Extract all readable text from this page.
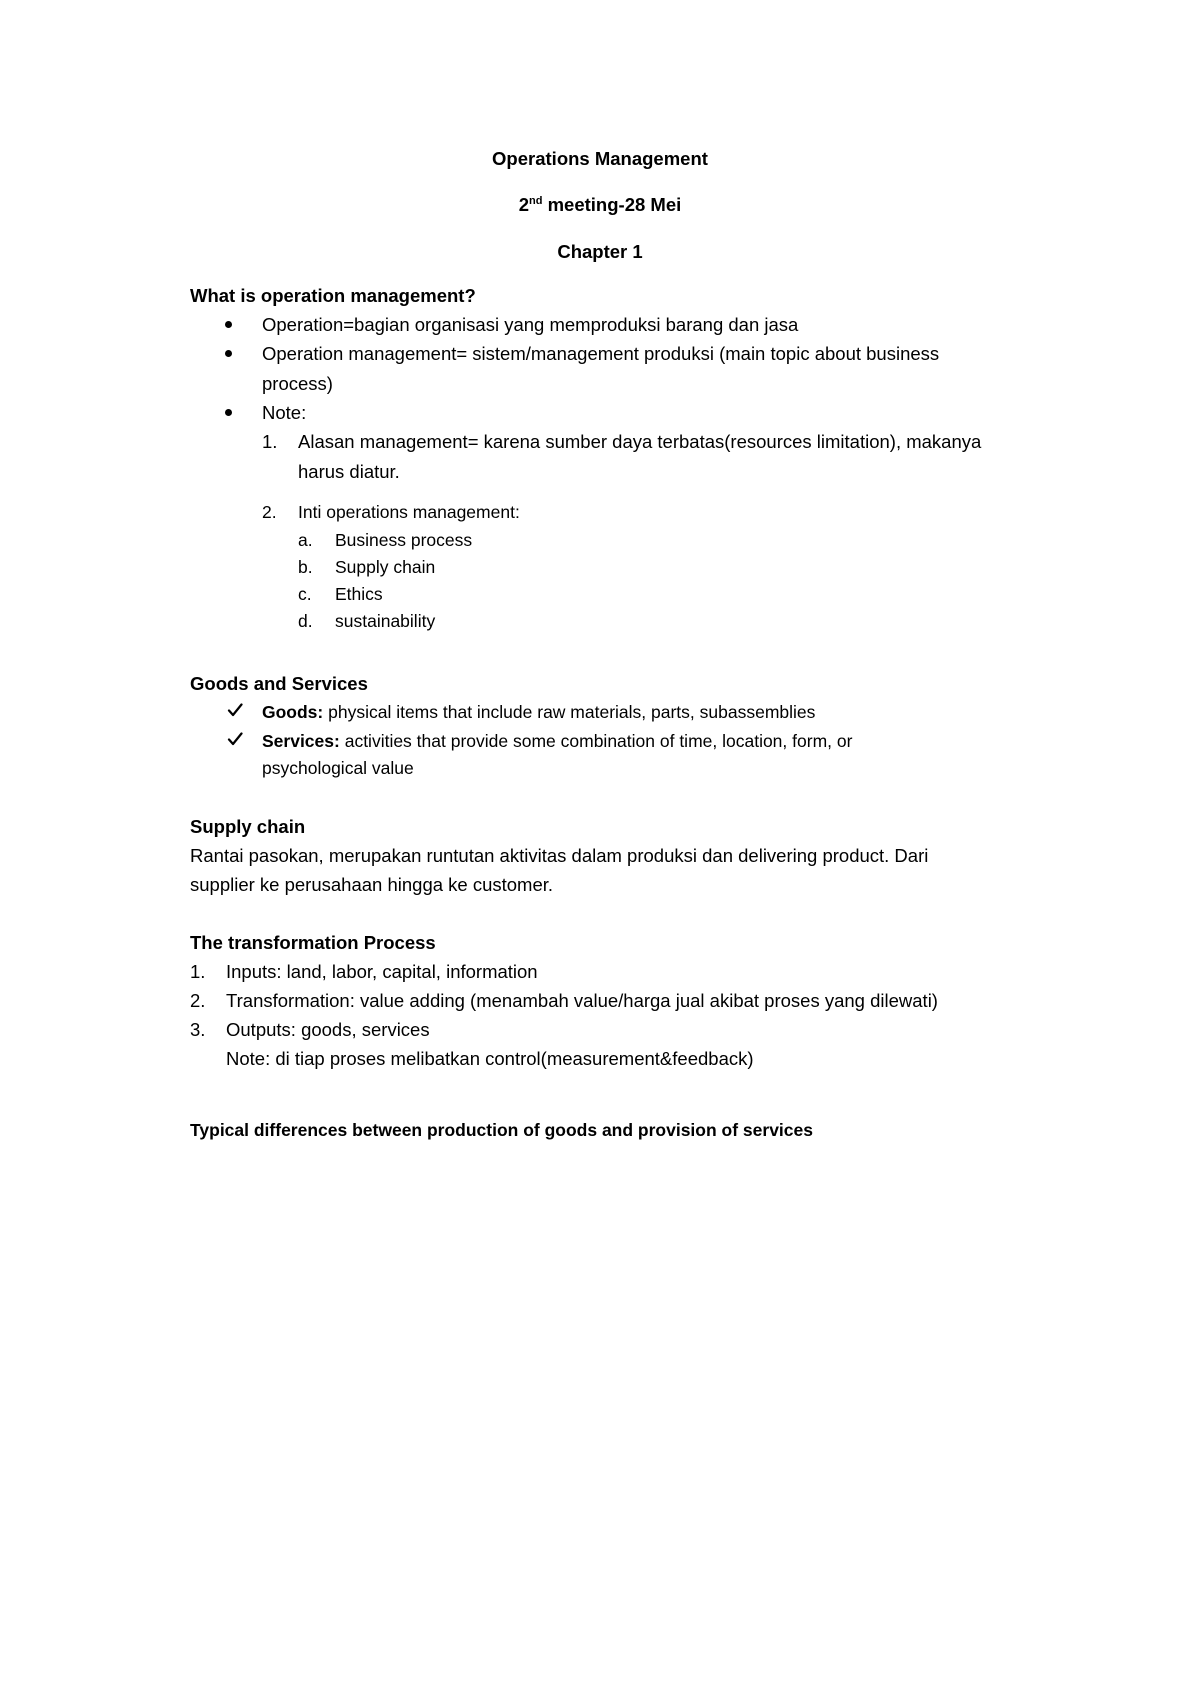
Operations Management
2nd meeting-28 Mei
Chapter 1
What is operation management?
Operation=bagian organisasi yang memproduksi barang dan jasa
Operation management= sistem/management produksi (main topic about business
process)
Note:
1. Alasan management= karena sumber daya terbatas(resources limitation), makanya
harus diatur.
2. Inti operations management:
a. Business process
b. Supply chain
c. Ethics
d. sustainability
Goods and Services
Goods: physical items that include raw materials, parts, subassemblies
Services: activities that provide some combination of time, location, form, or
psychological value
Supply chain
Rantai pasokan, merupakan runtutan aktivitas dalam produksi dan delivering product. Dari
supplier ke perusahaan hingga ke customer.
The transformation Process
1. Inputs: land, labor, capital, information
2. Transformation: value adding (menambah value/harga jual akibat proses yang dilewati)
3. Outputs: goods, services
Note: di tiap proses melibatkan control(measurement&feedback)
Typical differences between production of goods and provision of services
